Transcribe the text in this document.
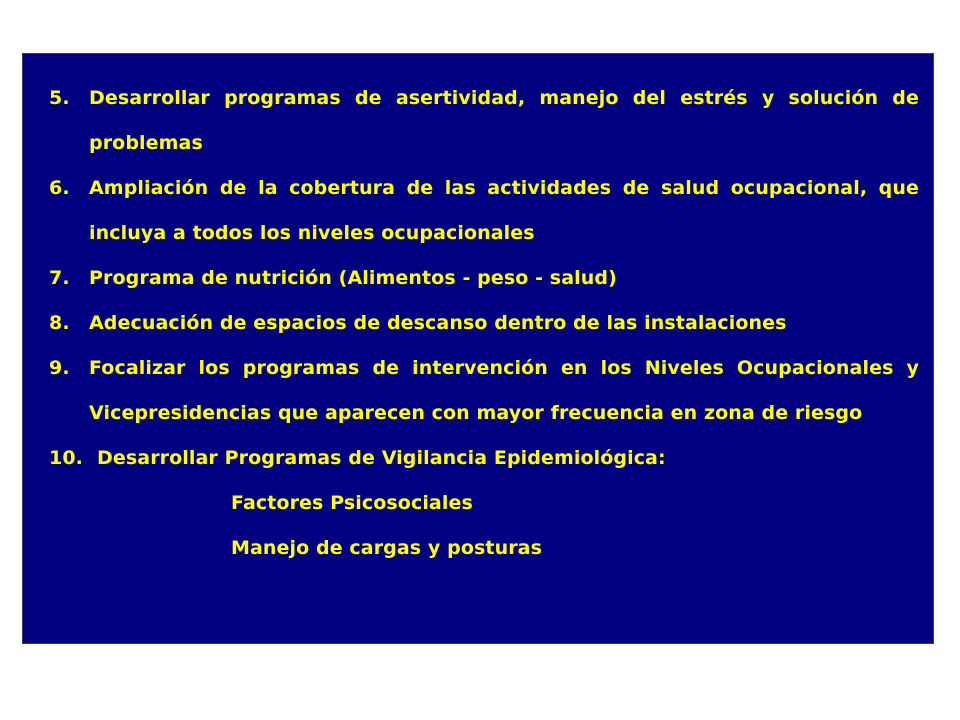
5.	Desarrollar programas de asertividad, manejo del estrés y solución de problemas
6.	Ampliación de la cobertura de las actividades de salud ocupacional, que incluya a todos los niveles ocupacionales
7.	Programa de nutrición (Alimentos - peso - salud)
8.	Adecuación de espacios de descanso dentro de las instalaciones
9.	Focalizar los programas de intervención en los Niveles Ocupacionales y Vicepresidencias que aparecen con mayor frecuencia en zona de riesgo
10. Desarrollar Programas de Vigilancia Epidemiológica:
Factores Psicosociales
Manejo de cargas y posturas
